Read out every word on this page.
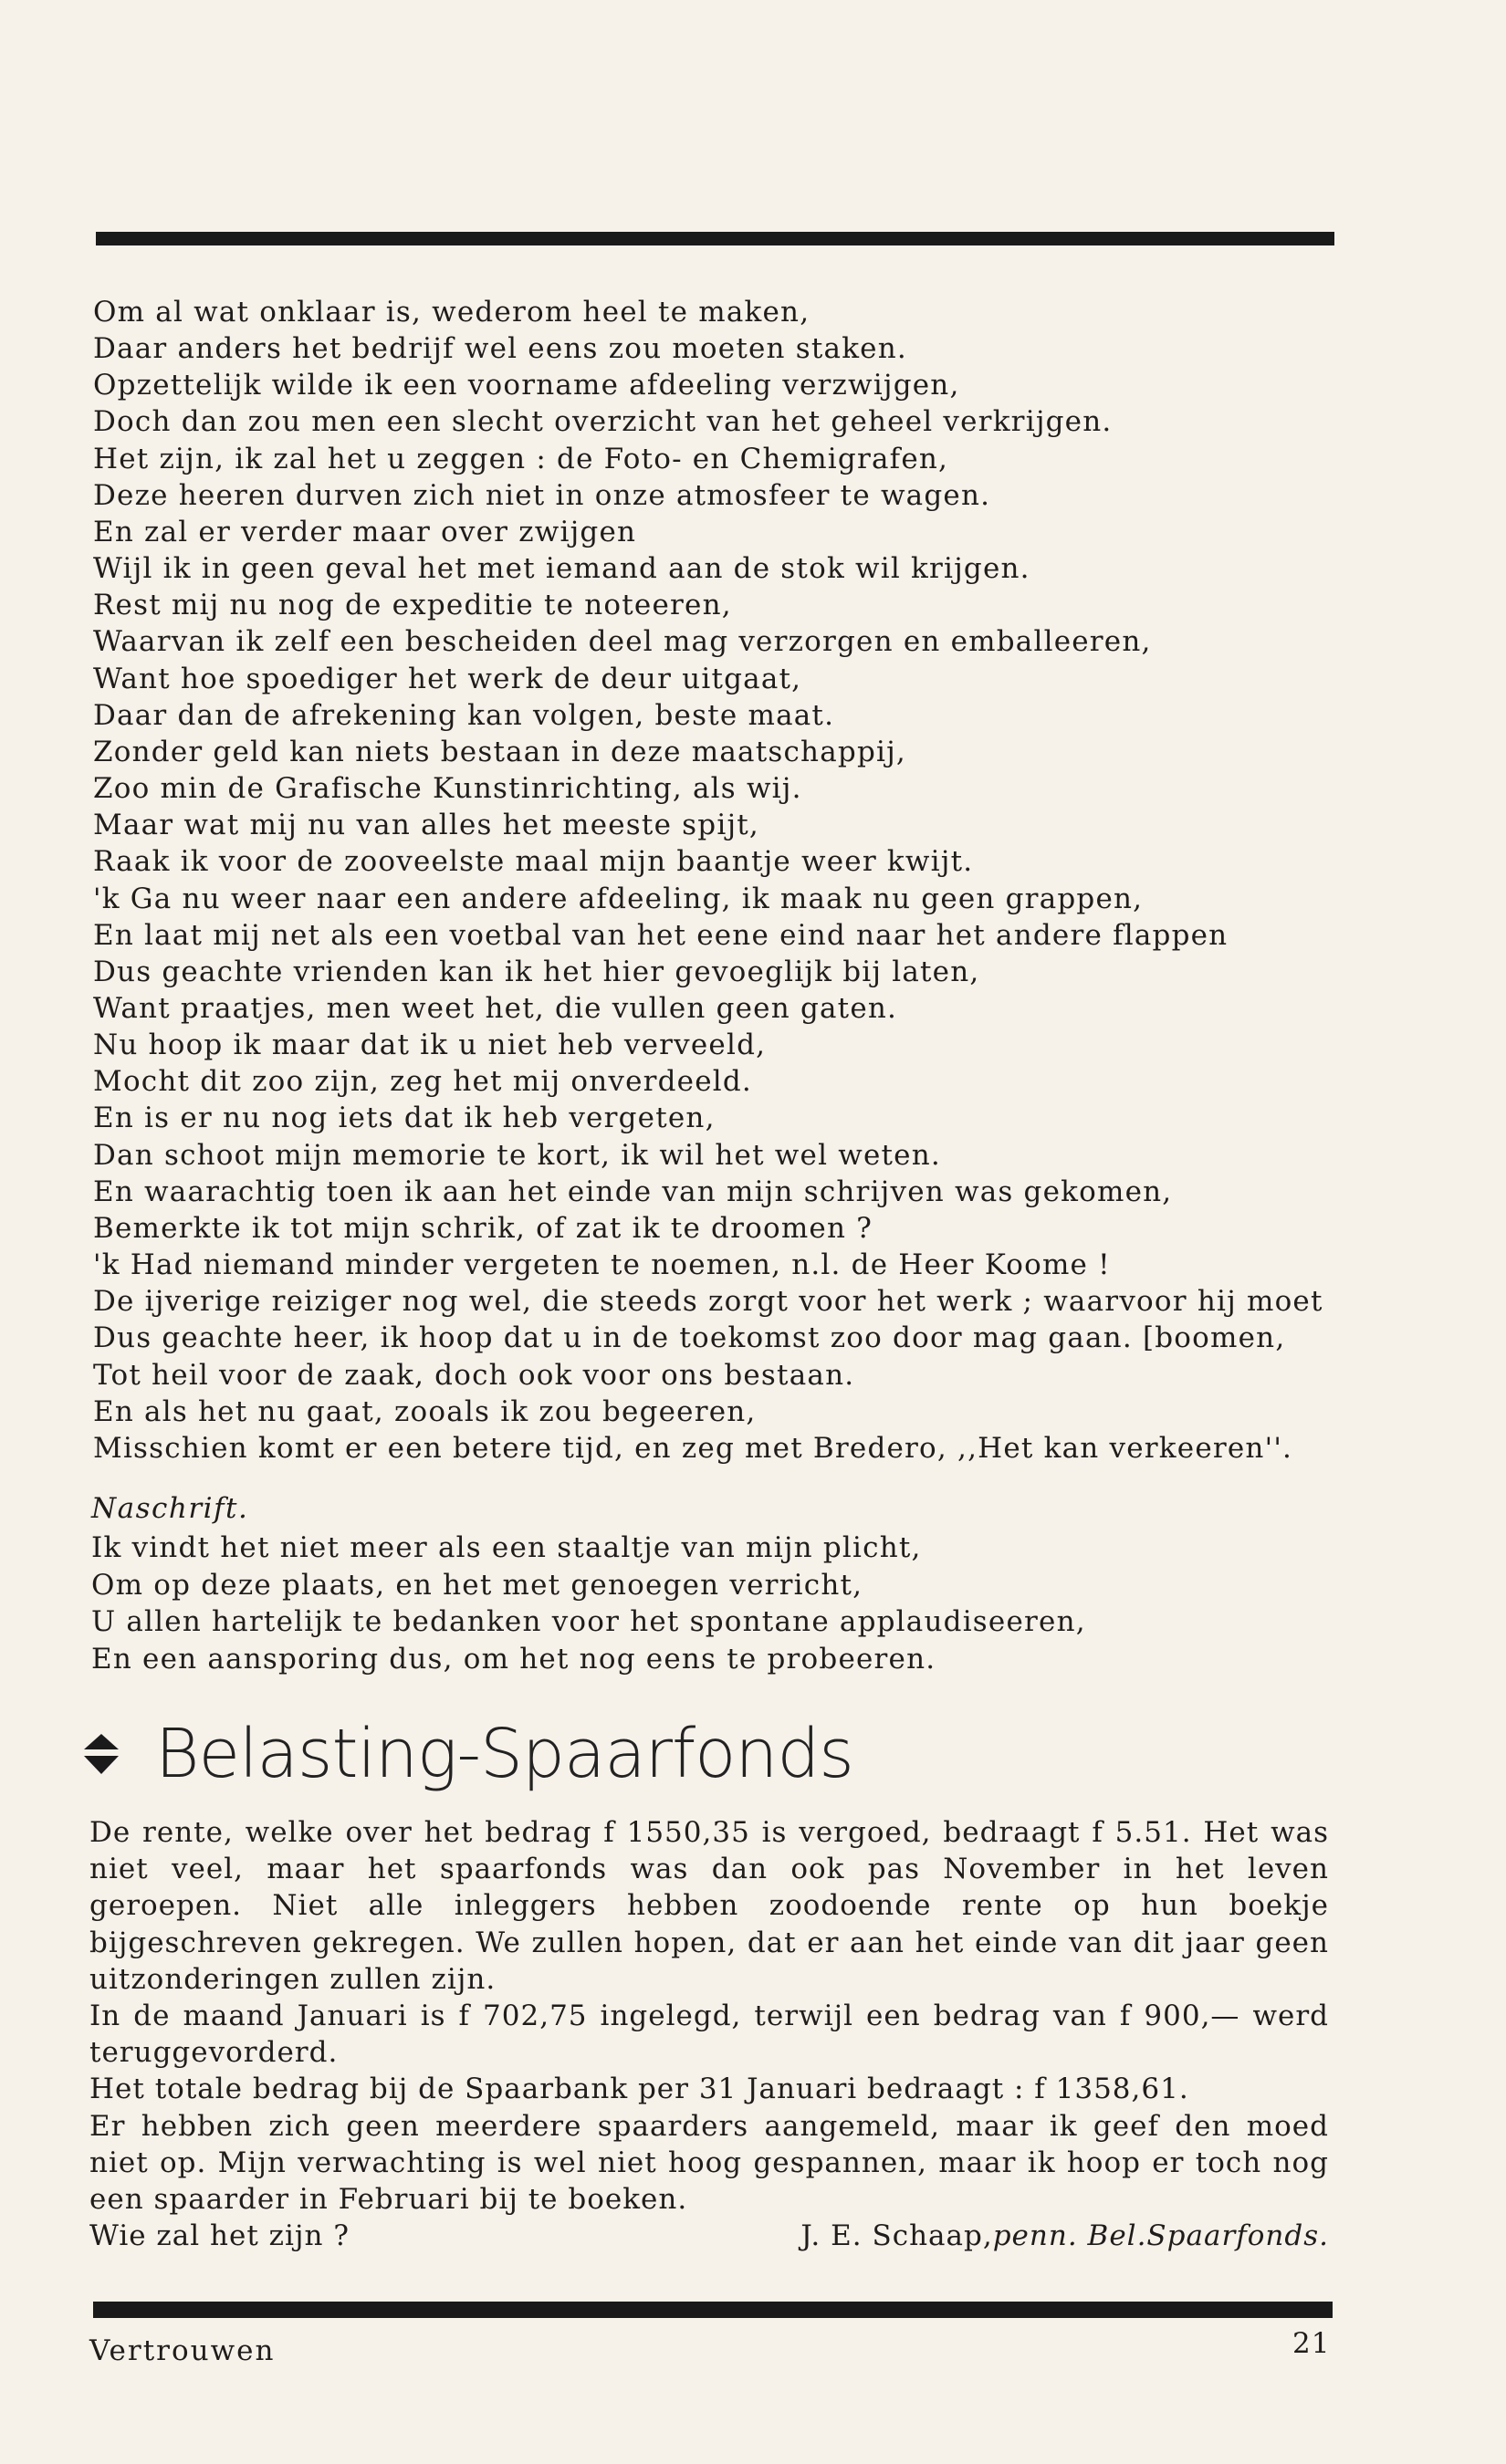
Om al wat onklaar is, wederom heel te maken,
Daar anders het bedrijf wel eens zou moeten staken.
Opzettelijk wilde ik een voorname afdeeling verzwijgen,
Doch dan zou men een slecht overzicht van het geheel verkrijgen.
Het zijn, ik zal het u zeggen : de Foto- en Chemigrafen,
Deze heeren durven zich niet in onze atmosfeer te wagen.
En zal er verder maar over zwijgen
Wijl ik in geen geval het met iemand aan de stok wil krijgen.
Rest mij nu nog de expeditie te noteeren,
Waarvan ik zelf een bescheiden deel mag verzorgen en emballeeren,
Want hoe spoediger het werk de deur uitgaat,
Daar dan de afrekening kan volgen, beste maat.
Zonder geld kan niets bestaan in deze maatschappij,
Zoo min de Grafische Kunstinrichting, als wij.
Maar wat mij nu van alles het meeste spijt,
Raak ik voor de zooveelste maal mijn baantje weer kwijt.
'k Ga nu weer naar een andere afdeeling, ik maak nu geen grappen,
En laat mij net als een voetbal van het eene eind naar het andere flappen
Dus geachte vrienden kan ik het hier gevoeglijk bij laten,
Want praatjes, men weet het, die vullen geen gaten.
Nu hoop ik maar dat ik u niet heb verveeld,
Mocht dit zoo zijn, zeg het mij onverdeeld.
En is er nu nog iets dat ik heb vergeten,
Dan schoot mijn memorie te kort, ik wil het wel weten.
En waarachtig toen ik aan het einde van mijn schrijven was gekomen,
Bemerkte ik tot mijn schrik, of zat ik te droomen ?
'k Had niemand minder vergeten te noemen, n.l. de Heer Koome !
De ijverige reiziger nog wel, die steeds zorgt voor het werk ; waarvoor hij moet
Dus geachte heer, ik hoop dat u in de toekomst zoo door mag gaan. [boomen,
Tot heil voor de zaak, doch ook voor ons bestaan.
En als het nu gaat, zooals ik zou begeeren,
Misschien komt er een betere tijd, en zeg met Bredero, ,,Het kan verkeeren''.
Naschrift.
Ik vindt het niet meer als een staaltje van mijn plicht,
Om op deze plaats, en het met genoegen verricht,
U allen hartelijk te bedanken voor het spontane applaudiseeren,
En een aansporing dus, om het nog eens te probeeren.
Belasting-Spaarfonds

De rente, welke over het bedrag f 1550,35 is vergoed, bedraagt f 5.51. Het was niet veel, maar het spaarfonds was dan ook pas November in het leven geroepen. Niet alle inleggers hebben zoodoende rente op hun boekje bijgeschreven gekregen. We zullen hopen, dat er aan het einde van dit jaar geen uitzonderingen zullen zijn.

In de maand Januari is f 702,75 ingelegd, terwijl een bedrag van f 900,— werd teruggevorderd.

Het totale bedrag bij de Spaarbank per 31 Januari bedraagt : f 1358,61.

Er hebben zich geen meerdere spaarders aangemeld, maar ik geef den moed niet op. Mijn verwachting is wel niet hoog gespannen, maar ik hoop er toch nog een spaarder in Februari bij te boeken.

Wie zal het zijn ?	J. E. Schaap,penn. Bel.Spaarfonds.
Vertrouwen	21
